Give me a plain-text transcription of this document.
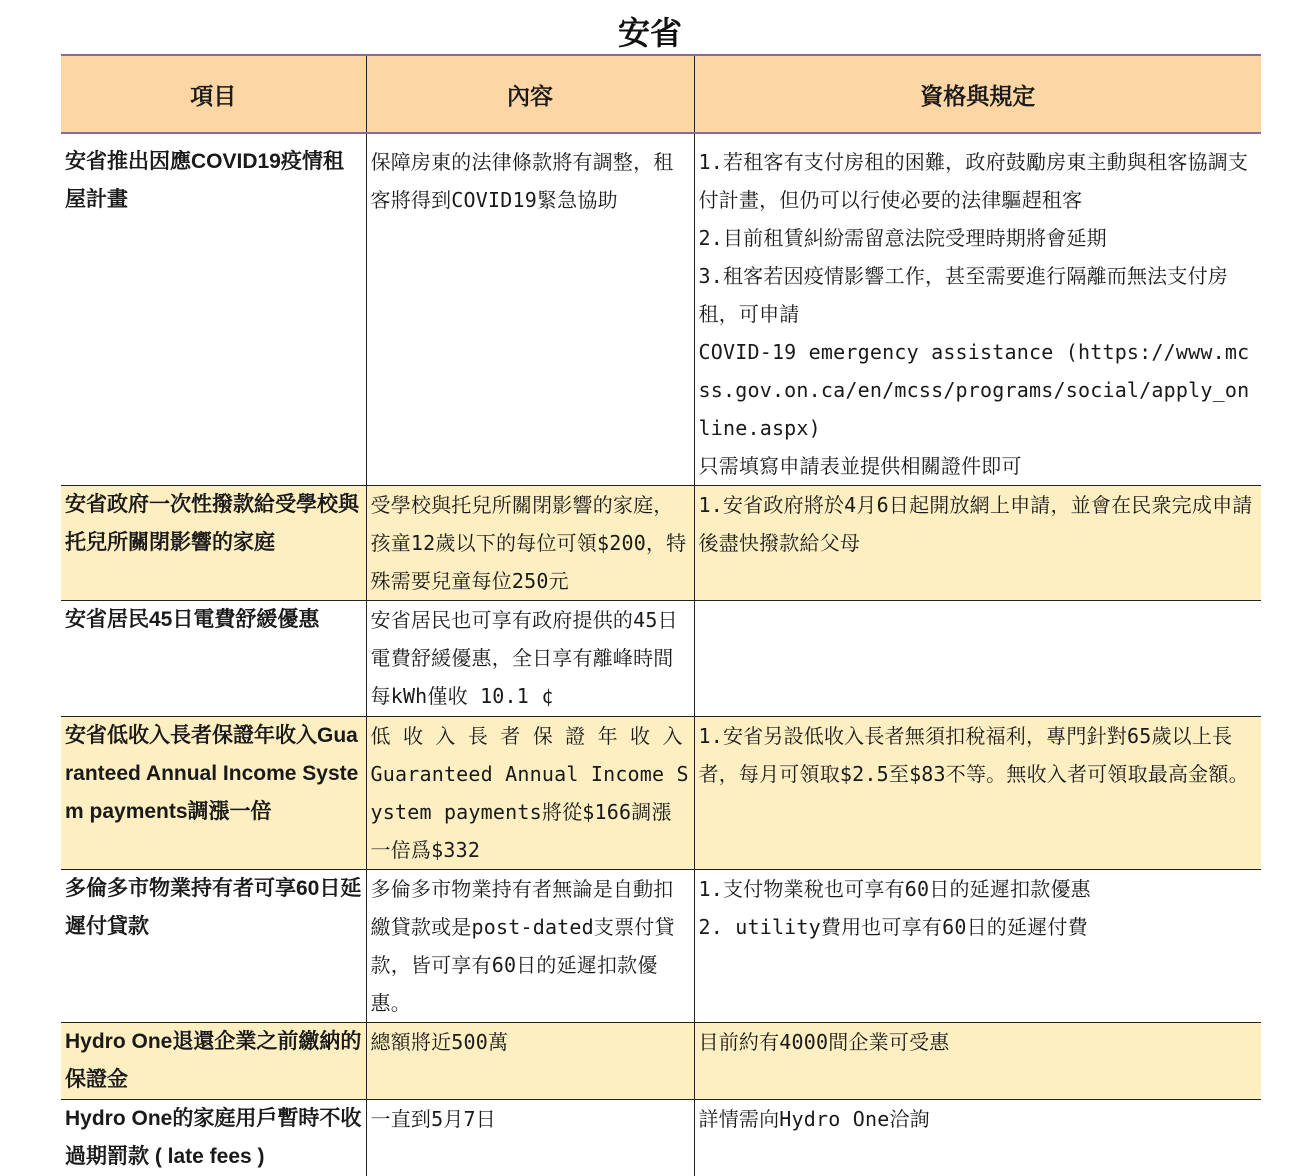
安省
項目	內容	資格與規定
安省推出因應COVID19疫情租屋計畫	保障房東的法律條款將有調整，租客將得到COVID19緊急協助	1.若租客有支付房租的困難，政府鼓勵房東主動與租客協調支付計畫，但仍可以行使必要的法律驅趕租客
2.目前租賃糾紛需留意法院受理時期將會延期
3.租客若因疫情影響工作，甚至需要進行隔離而無法支付房租，可申請
COVID-19 emergency assistance (https://www.mcss.gov.on.ca/en/mcss/programs/social/apply_online.aspx)
只需填寫申請表並提供相關證件即可

安省政府一次性撥款給受學校與托兒所關閉影響的家庭	受學校與托兒所關閉影響的家庭，孩童12歲以下的每位可領$200，特殊需要兒童每位250元	1.安省政府將於4月6日起開放網上申請，並會在民衆完成申請後盡快撥款給父母

安省居民45日電費舒緩優惠	安省居民也可享有政府提供的45日電費舒緩優惠，全日享有離峰時間每kWh僅收 10.1 ¢	
安省低收入長者保證年收入Guaranteed Annual Income System payments調漲一倍	低 收 入 長 者 保 證 年 收 入Guaranteed Annual Income System payments將從$166調漲一倍爲$332	1.安省另設低收入長者無須扣稅福利，專門針對65歲以上長者，每月可領取$2.5至$83不等。無收入者可領取最高金額。

多倫多市物業持有者可享60日延遲付貸款	多倫多市物業持有者無論是自動扣繳貸款或是post-dated支票付貸款，皆可享有60日的延遲扣款優惠。	1.支付物業稅也可享有60日的延遲扣款優惠
2. utility費用也可享有60日的延遲付費

Hydro One退還企業之前繳納的保證金	總額將近500萬	目前約有4000間企業可受惠

Hydro One的家庭用戶暫時不收過期罰款 ( late fees )	一直到5月7日	詳情需向Hydro One洽詢
